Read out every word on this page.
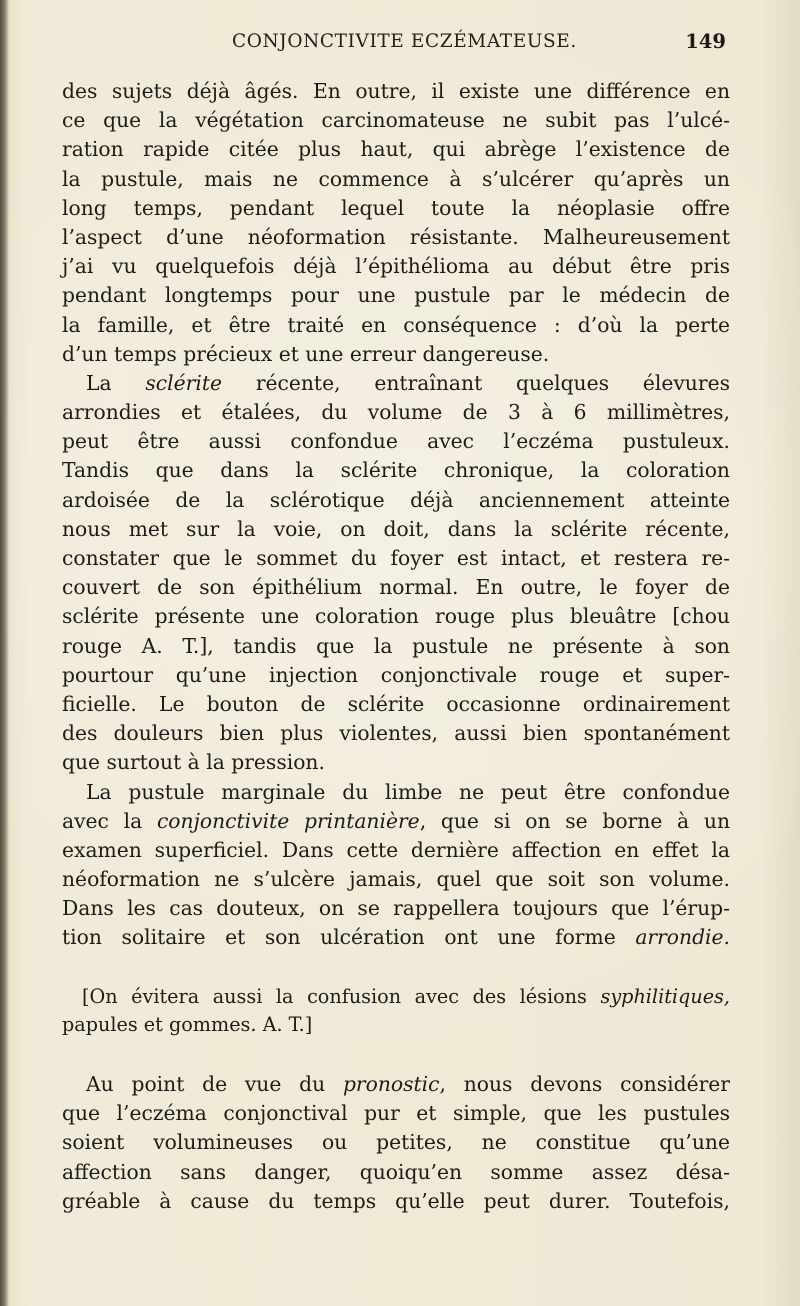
CONJONCTIVITE ECZÉMATEUSE.	149
des sujets déjà âgés. En outre, il existe une différence en
ce que la végétation carcinomateuse ne subit pas l’ulcé-
ration rapide citée plus haut, qui abrège l’existence de
la pustule, mais ne commence à s’ulcérer qu’après un
long temps, pendant lequel toute la néoplasie offre
l’aspect d’une néoformation résistante. Malheureusement
j’ai vu quelquefois déjà l’épithélioma au début être pris
pendant longtemps pour une pustule par le médecin de
la famille, et être traité en conséquence : d’où la perte
d’un temps précieux et une erreur dangereuse.
La sclérite récente, entraînant quelques élevures
arrondies et étalées, du volume de 3 à 6 millimètres,
peut être aussi confondue avec l’eczéma pustuleux.
Tandis que dans la sclérite chronique, la coloration
ardoisée de la sclérotique déjà anciennement atteinte
nous met sur la voie, on doit, dans la sclérite récente,
constater que le sommet du foyer est intact, et restera re-
couvert de son épithélium normal. En outre, le foyer de
sclérite présente une coloration rouge plus bleuâtre [chou
rouge A. T.], tandis que la pustule ne présente à son
pourtour qu’une injection conjonctivale rouge et super-
ficielle. Le bouton de sclérite occasionne ordinairement
des douleurs bien plus violentes, aussi bien spontanément
que surtout à la pression.
La pustule marginale du limbe ne peut être confondue
avec la conjonctivite printanière, que si on se borne à un
examen superficiel. Dans cette dernière affection en effet la
néoformation ne s’ulcère jamais, quel que soit son volume.
Dans les cas douteux, on se rappellera toujours que l’érup-
tion solitaire et son ulcération ont une forme arrondie.
[On évitera aussi la confusion avec des lésions syphilitiques,
papules et gommes. A. T.]
Au point de vue du pronostic, nous devons considérer
que l’eczéma conjonctival pur et simple, que les pustules
soient volumineuses ou petites, ne constitue qu’une
affection sans danger, quoiqu’en somme assez désa-
gréable à cause du temps qu’elle peut durer. Toutefois,
